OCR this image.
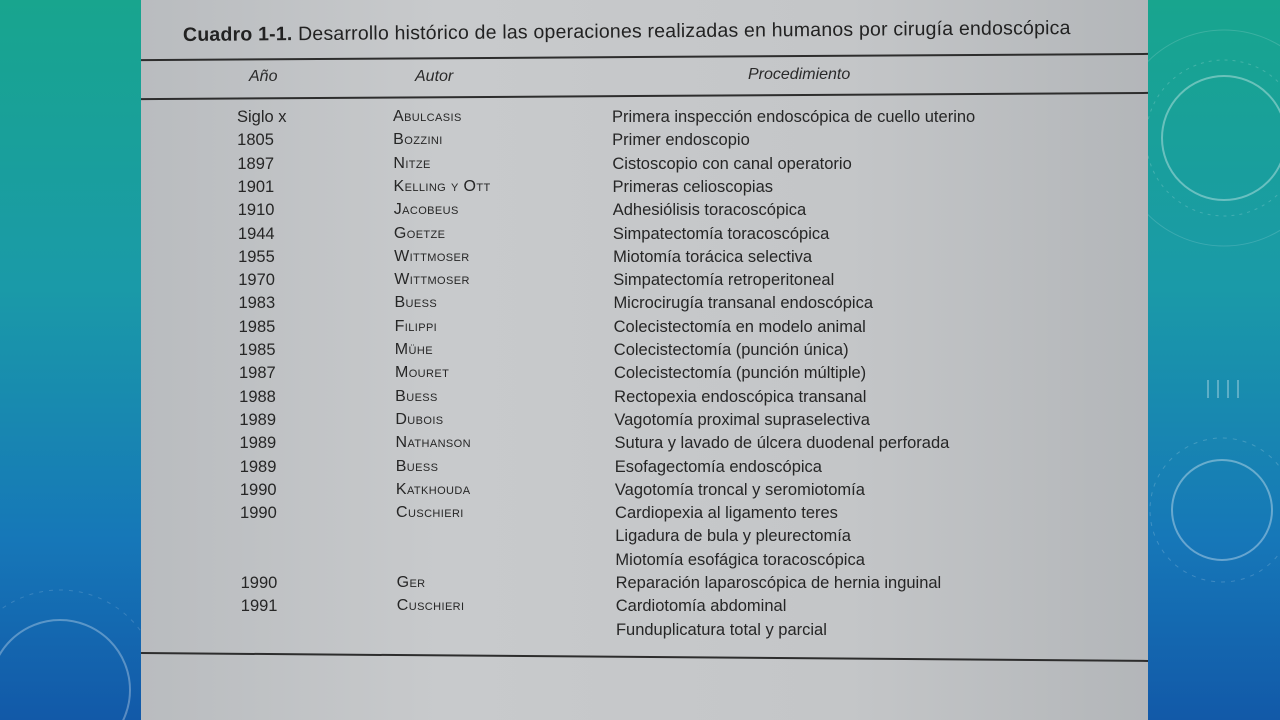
Cuadro 1-1. Desarrollo histórico de las operaciones realizadas en humanos por cirugía endoscópica
Año	Autor	Procedimiento
Siglo x	Abulcasis	Primera inspección endoscópica de cuello uterino
1805	Bozzini	Primer endoscopio
1897	Nitze	Cistoscopio con canal operatorio
1901	Kelling y Ott	Primeras celioscopias
1910	Jacobeus	Adhesiólisis toracoscópica
1944	Goetze	Simpatectomía toracoscópica
1955	Wittmoser	Miotomía torácica selectiva
1970	Wittmoser	Simpatectomía retroperitoneal
1983	Buess	Microcirugía transanal endoscópica
1985	Filippi	Colecistectomía en modelo animal
1985	Mühe	Colecistectomía (punción única)
1987	Mouret	Colecistectomía (punción múltiple)
1988	Buess	Rectopexia endoscópica transanal
1989	Dubois	Vagotomía proximal supraselectiva
1989	Nathanson	Sutura y lavado de úlcera duodenal perforada
1989	Buess	Esofagectomía endoscópica
1990	Katkhouda	Vagotomía troncal y seromiotomía
1990	Cuschieri	Cardiopexia al ligamento teres
Ligadura de bula y pleurectomía
Miotomía esofágica toracoscópica
1990	Ger	Reparación laparoscópica de hernia inguinal
1991	Cuschieri	Cardiotomía abdominal
Funduplicatura total y parcial
